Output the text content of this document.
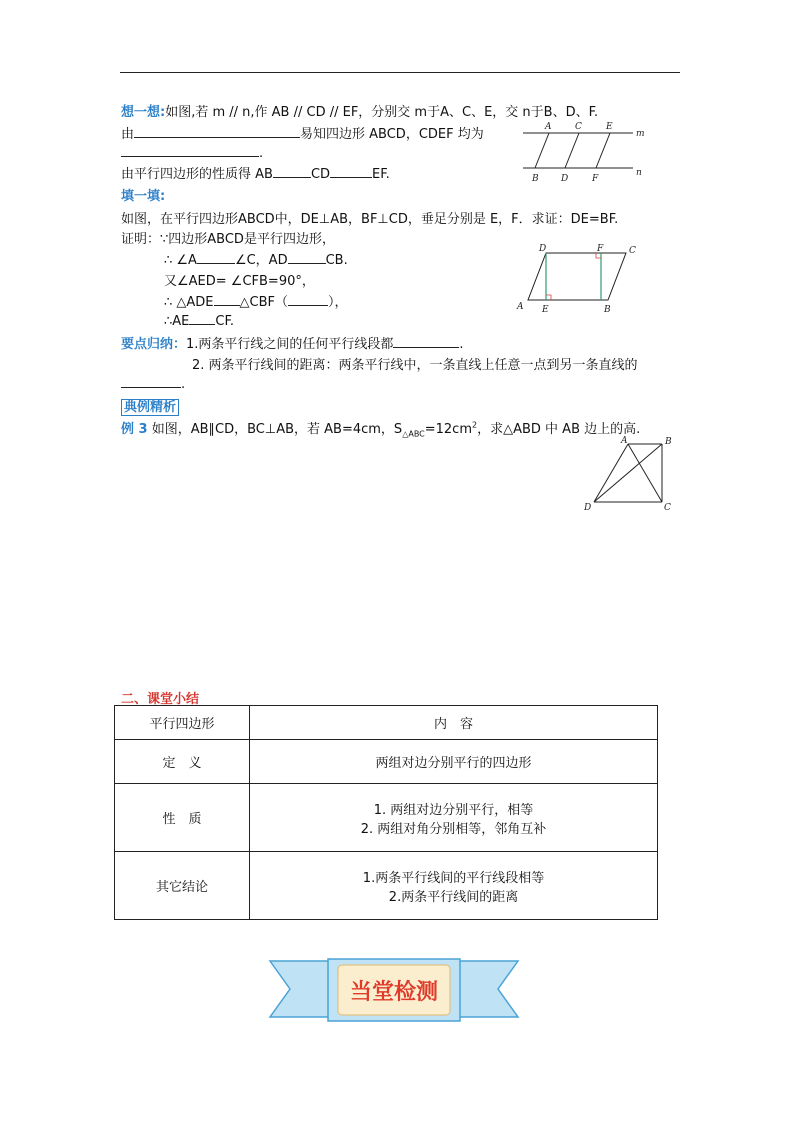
想一想:如图,若 m // n,作 AB // CD // EF，分别交 m于A、C、E，交 n于B、D、F.
由	易知四边形 ABCD，CDEF 均为
.
由平行四边形的性质得 AB	CD	EF.
A	C	E
m
B D	F
n
填一填:
如图，在平行四边形ABCD中，DE⊥AB，BF⊥CD，垂足分别是 E，F．求证：DE=BF.
证明：∵四边形ABCD是平行四边形，
∴ ∠A	∠C，AD	CB.
又∠AED= ∠CFB=90°，
∴ △ADE △CBF（	），
∴AE CF.
D	F	C
A E	B
要点归纳：1.两条平行线之间的任何平行线段都	.
2. 两条平行线间的距离：两条平行线中，一条直线上任意一点到另一条直线的
.
典例精析
例 3 如图，AB∥CD，BC⊥AB，若 AB=4cm，$S_{\triangle ABC}=12cm^2$，求△ABD 中 AB 边上的高.
A	B
C
D
二、课堂小结
平行四边形	内　容
定　义	两组对边分别平行的四边形
性　质	1. 两组对边分别平行，相等
2. 两组对角分别相等，邻角互补

其它结论	1.两条平行线间的平行线段相等
2.两条平行线间的距离
当堂检测
